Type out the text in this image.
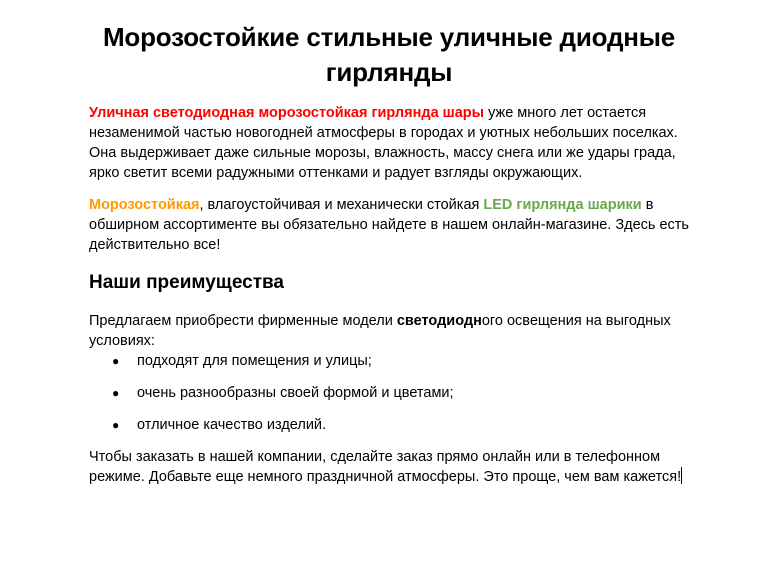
Морозостойкие стильные уличные диодные гирлянды

Уличная светодиодная морозостойкая гирлянда шары уже много лет остается незаменимой частью новогодней атмосферы в городах и уютных небольших поселках. Она выдерживает даже сильные морозы, влажность, массу снега или же удары града, ярко светит всеми радужными оттенками и радует взгляды окружающих.

Морозостойкая, влагоустойчивая и механически стойкая LED гирлянда шарики в обширном ассортименте вы обязательно найдете в нашем онлайн-магазине. Здесь есть действительно все!

Наши преимущества

Предлагаем приобрести фирменные модели светодиодного освещения на выгодных условиях:

● подходят для помещения и улицы;
● очень разнообразны своей формой и цветами;
● отличное качество изделий.

Чтобы заказать в нашей компании, сделайте заказ прямо онлайн или в телефонном режиме. Добавьте еще немного праздничной атмосферы. Это проще, чем вам кажется!
